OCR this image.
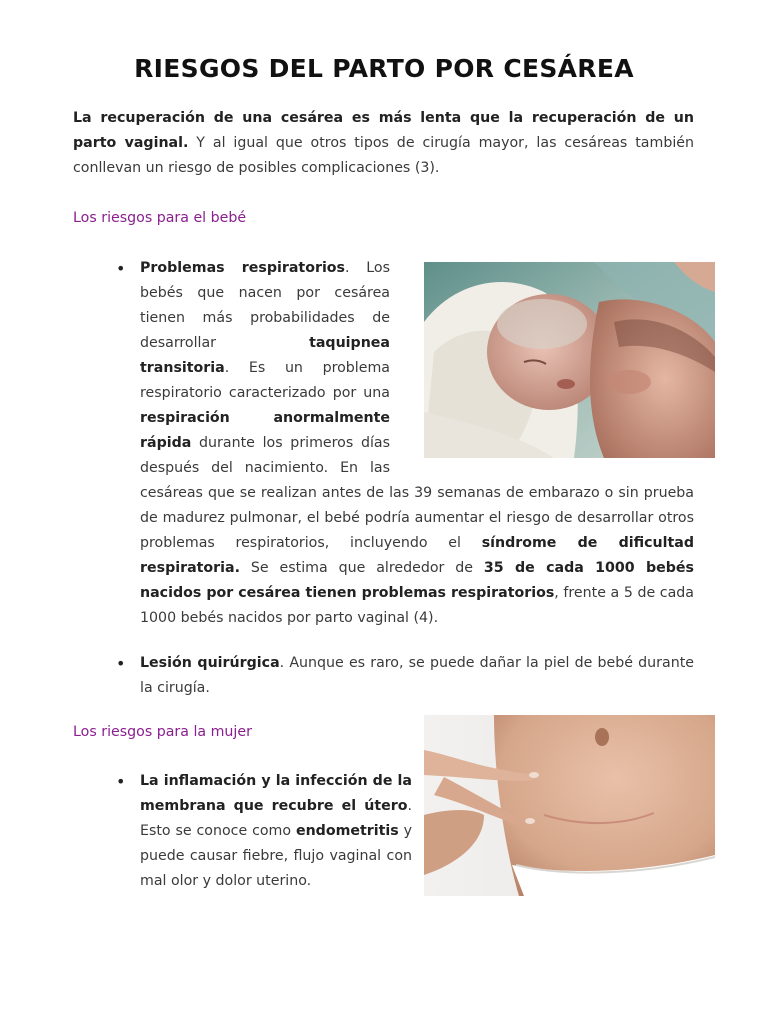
RIESGOS DEL PARTO POR CESÁREA
La recuperación de una cesárea es más lenta que la recuperación de un parto vaginal. Y al igual que otros tipos de cirugía mayor, las cesáreas también conllevan un riesgo de posibles complicaciones (3).
Los riesgos para el bebé
• Problemas respiratorios. Los bebés que nacen por cesárea tienen más probabilidades de desarrollar taquipnea transitoria. Es un problema respiratorio caracterizado por una respiración anormalmente rápida durante los primeros días después del nacimiento. En las cesáreas que se realizan antes de las 39 semanas de embarazo o sin prueba de madurez pulmonar, el bebé podría aumentar el riesgo de desarrollar otros problemas respiratorios, incluyendo el síndrome de dificultad respiratoria. Se estima que alrededor de 35 de cada 1000 bebés nacidos por cesárea tienen problemas respiratorios, frente a 5 de cada 1000 bebés nacidos por parto vaginal (4).
• Lesión quirúrgica. Aunque es raro, se puede dañar la piel de bebé durante la cirugía.
Los riesgos para la mujer
• La inflamación y la infección de la membrana que recubre el útero. Esto se conoce como endometritis y puede causar fiebre, flujo vaginal con mal olor y dolor uterino.
